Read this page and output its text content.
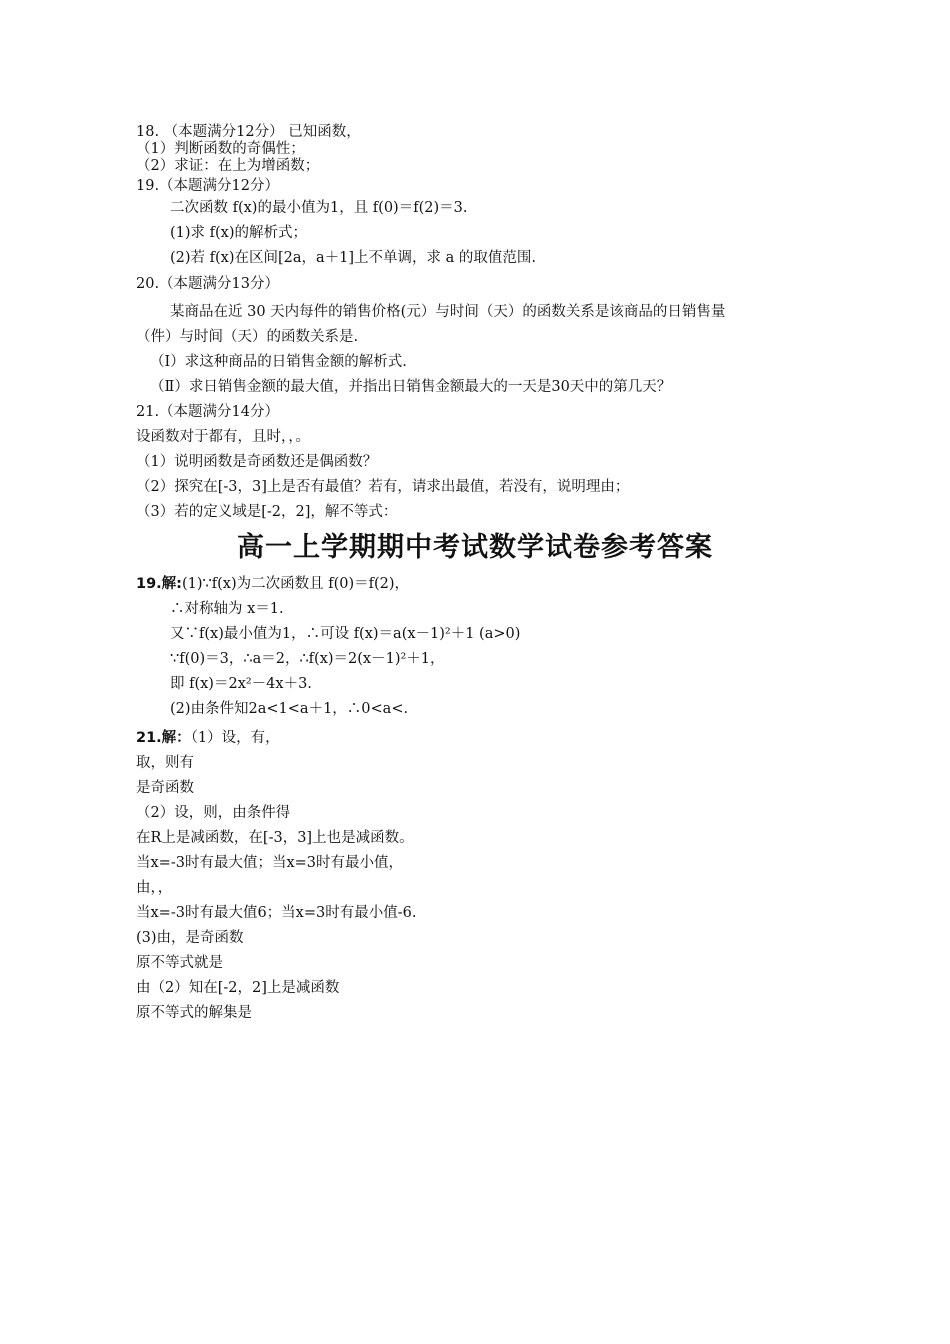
18. （本题满分12分） 已知函数，
（1）判断函数的奇偶性；
（2）求证：在上为增函数；
19.（本题满分12分）
二次函数 f(x)的最小值为1，且 f(0)＝f(2)＝3.
(1)求 f(x)的解析式；
(2)若 f(x)在区间[2a，a＋1]上不单调，求 a 的取值范围.
20.（本题满分13分）
某商品在近 30 天内每件的销售价格(元）与时间（天）的函数关系是该商品的日销售量
（件）与时间（天）的函数关系是.
（Ⅰ）求这种商品的日销售金额的解析式.
（Ⅱ）求日销售金额的最大值，并指出日销售金额最大的一天是30天中的第几天？
21.（本题满分14分）
设函数对于都有，且时，，。
（1）说明函数是奇函数还是偶函数？
（2）探究在[-3，3]上是否有最值？若有，请求出最值，若没有，说明理由；
（3）若的定义域是[-2，2]，解不等式：
高一上学期期中考试数学试卷参考答案
19.解:(1)∵f(x)为二次函数且 f(0)＝f(2)，
∴对称轴为 x＝1.
又∵f(x)最小值为1，∴可设 f(x)＝a(x－1)²＋1 (a>0)
∵f(0)＝3，∴a＝2，∴f(x)＝2(x－1)²＋1，
即 f(x)＝2x²－4x＋3.
(2)由条件知2a<1<a＋1，∴0<a<.
21.解：（1）设，有，
取，则有
是奇函数
（2）设，则，由条件得
在R上是减函数，在[-3，3]上也是减函数。
当x=-3时有最大值；当x=3时有最小值，
由，，
当x=-3时有最大值6；当x=3时有最小值-6.
(3)由，是奇函数
原不等式就是
由（2）知在[-2，2]上是减函数
原不等式的解集是
